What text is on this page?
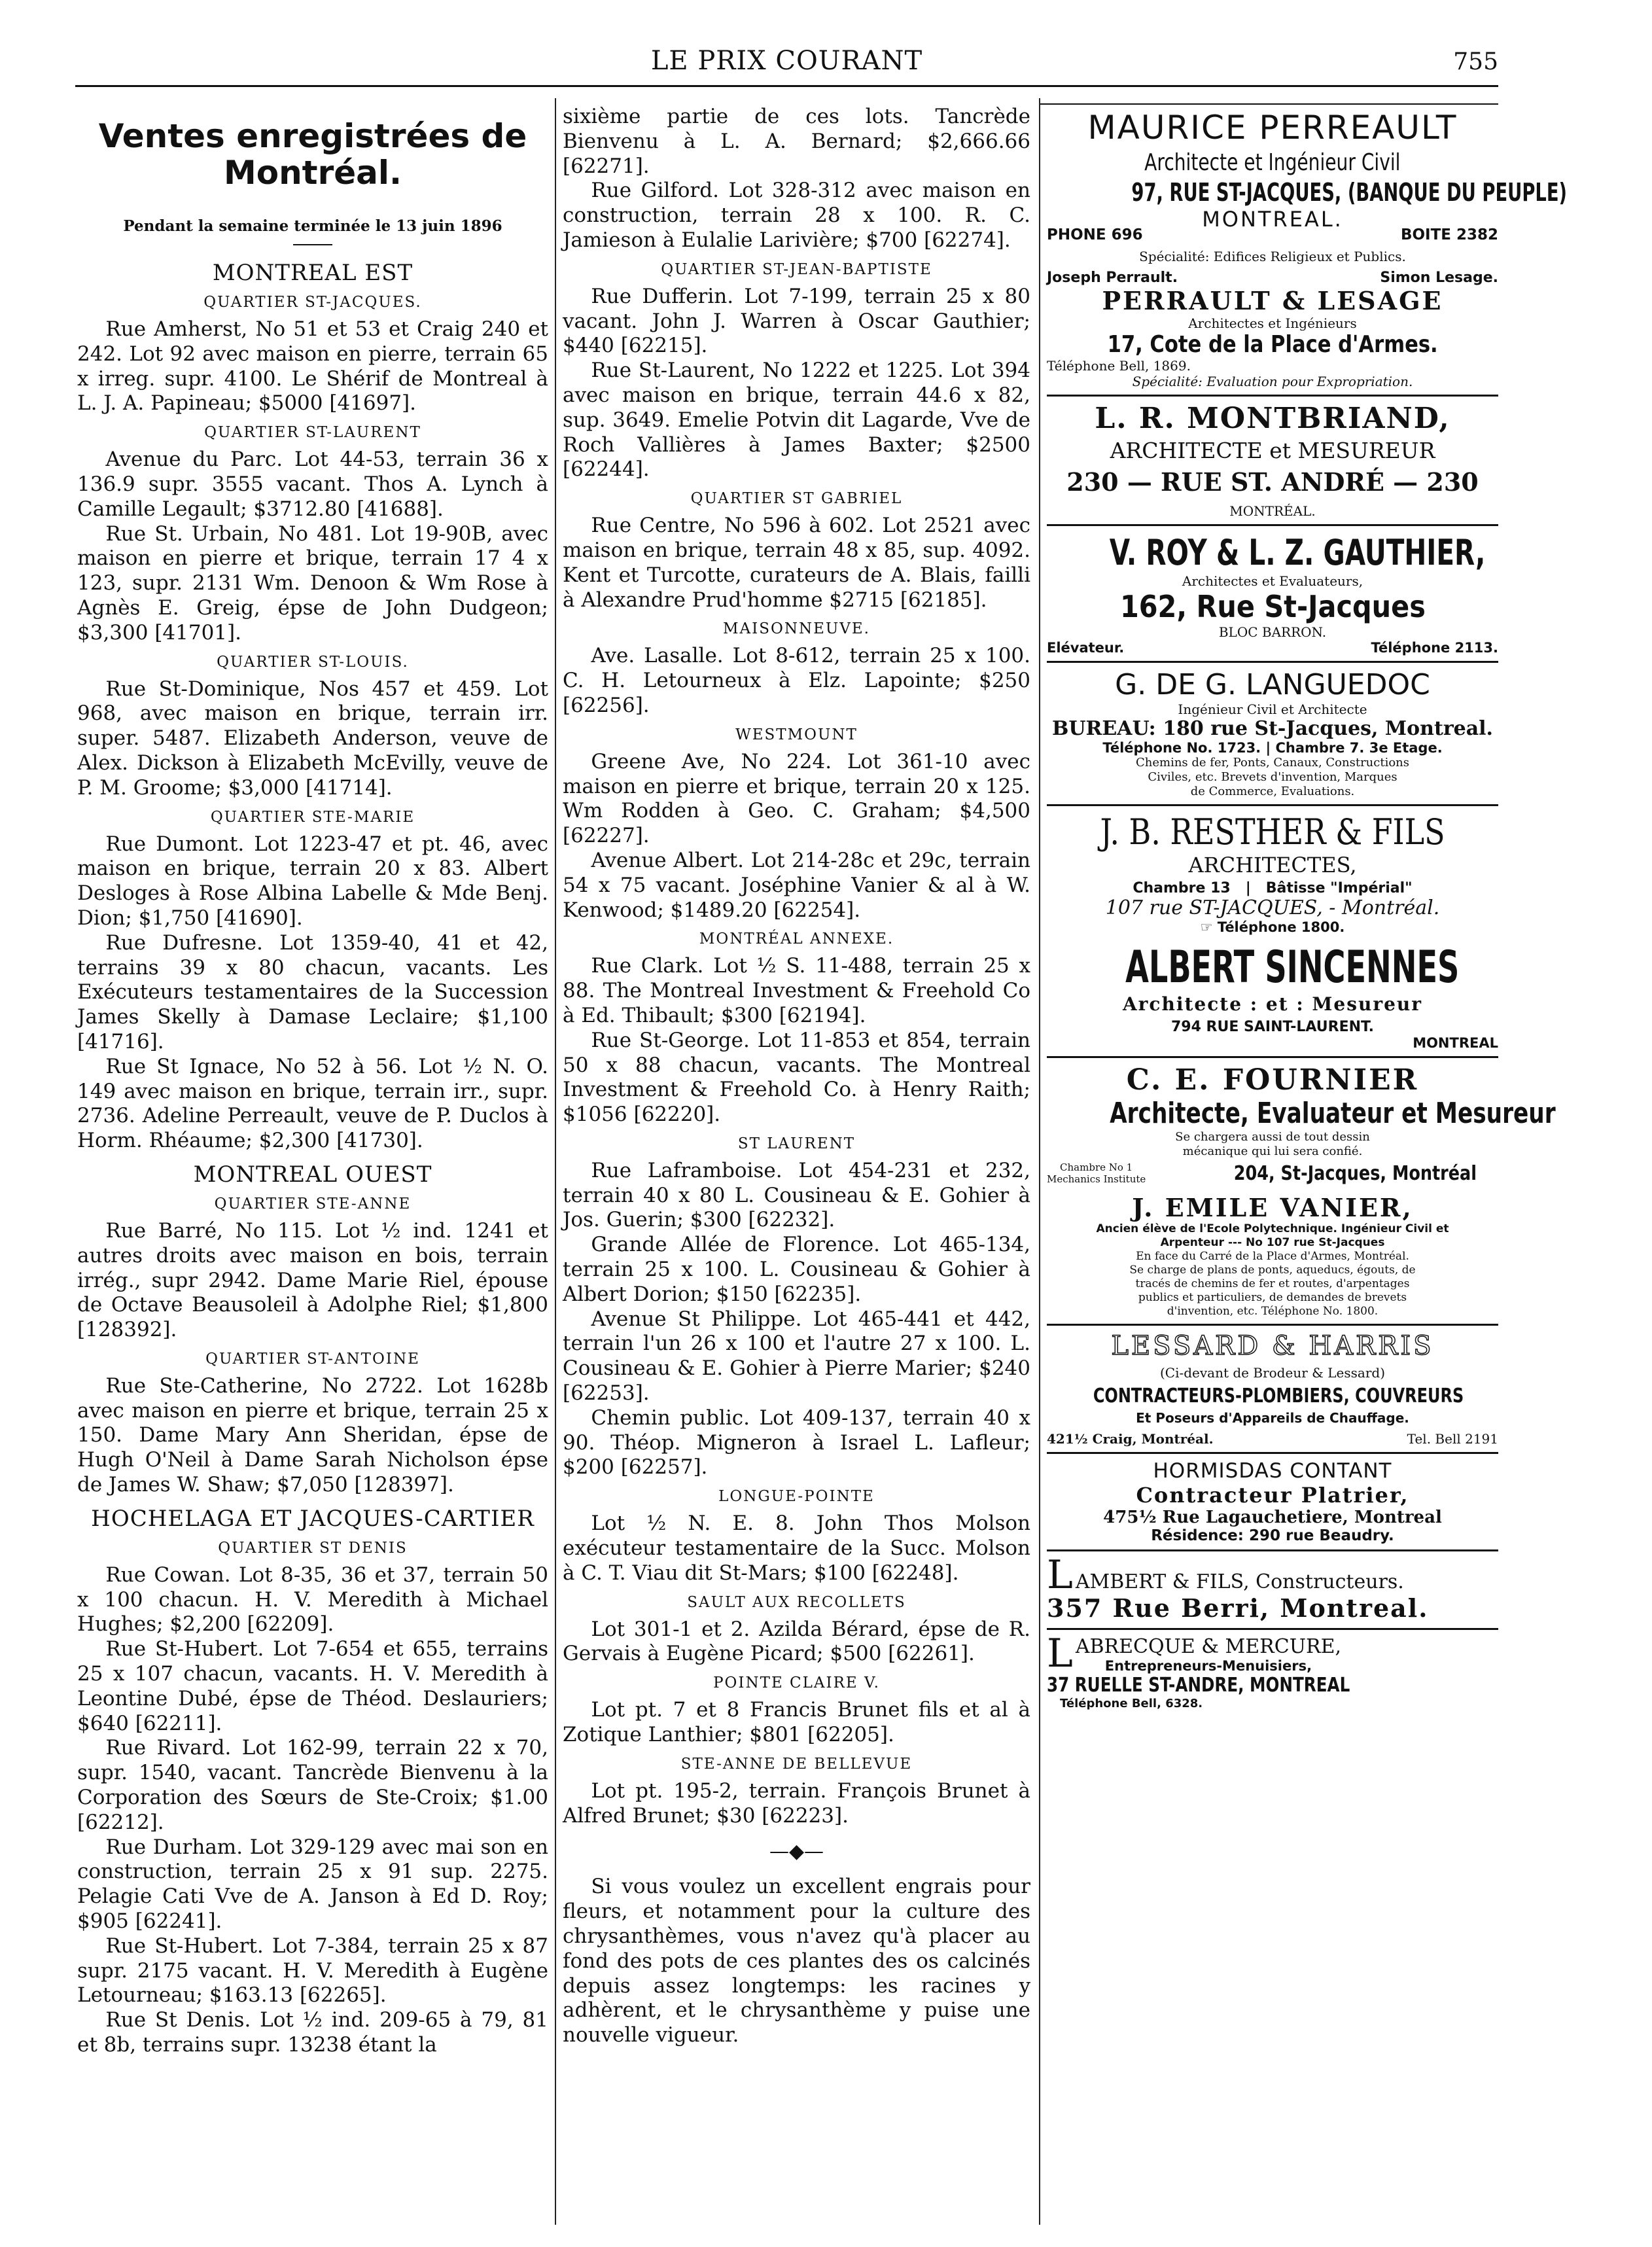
LE PRIX COURANT	755
Ventes enregistrées de Montréal.
Pendant la semaine terminée le 13 juin 1896
MONTREAL EST
QUARTIER ST-JACQUES.
Rue Amherst, No 51 et 53 et Craig 240 et 242. Lot 92 avec maison en pierre, terrain 65 x irreg. supr. 4100. Le Shérif de Montreal à L. J. A. Papineau; $5000 [41697].
QUARTIER ST-LAURENT
Avenue du Parc. Lot 44-53, terrain 36 x 136.9 supr. 3555 vacant. Thos A. Lynch à Camille Legault; $3712.80 [41688].
Rue St. Urbain, No 481. Lot 19-90B, avec maison en pierre et brique, terrain 17 4 x 123, supr. 2131 Wm. Denoon & Wm Rose à Agnès E. Greig, épse de John Dudgeon; $3,300 [41701].
QUARTIER ST-LOUIS.
Rue St-Dominique, Nos 457 et 459. Lot 968, avec maison en brique, terrain irr. super. 5487. Elizabeth Anderson, veuve de Alex. Dickson à Elizabeth McEvilly, veuve de P. M. Groome; $3,000 [41714].
QUARTIER STE-MARIE
Rue Dumont. Lot 1223-47 et pt. 46, avec maison en brique, terrain 20 x 83. Albert Desloges à Rose Albina Labelle & Mde Benj. Dion; $1,750 [41690].
Rue Dufresne. Lot 1359-40, 41 et 42, terrains 39 x 80 chacun, vacants. Les Exécuteurs testamentaires de la Succession James Skelly à Damase Leclaire; $1,100 [41716].
Rue St Ignace, No 52 à 56. Lot ½ N. O. 149 avec maison en brique, terrain irr., supr. 2736. Adeline Perreault, veuve de P. Duclos à Horm. Rhéaume; $2,300 [41730].
MONTREAL OUEST
QUARTIER STE-ANNE
Rue Barré, No 115. Lot ½ ind. 1241 et autres droits avec maison en bois, terrain irrég., supr 2942. Dame Marie Riel, épouse de Octave Beausoleil à Adolphe Riel; $1,800 [128392].
QUARTIER ST-ANTOINE
Rue Ste-Catherine, No 2722. Lot 1628b avec maison en pierre et brique, terrain 25 x 150. Dame Mary Ann Sheridan, épse de Hugh O'Neil à Dame Sarah Nicholson épse de James W. Shaw; $7,050 [128397].
HOCHELAGA ET JACQUES-CARTIER
QUARTIER ST DENIS
Rue Cowan. Lot 8-35, 36 et 37, terrain 50 x 100 chacun. H. V. Meredith à Michael Hughes; $2,200 [62209].
Rue St-Hubert. Lot 7-654 et 655, terrains 25 x 107 chacun, vacants. H. V. Meredith à Leontine Dubé, épse de Théod. Deslauriers; $640 [62211].
Rue Rivard. Lot 162-99, terrain 22 x 70, supr. 1540, vacant. Tancrède Bienvenu à la Corporation des Sœurs de Ste-Croix; $1.00 [62212].
Rue Durham. Lot 329-129 avec mai son en construction, terrain 25 x 91 sup. 2275. Pelagie Cati Vve de A. Janson à Ed D. Roy; $905 [62241].
Rue St-Hubert. Lot 7-384, terrain 25 x 87 supr. 2175 vacant. H. V. Meredith à Eugène Letourneau; $163.13 [62265].
Rue St Denis. Lot ½ ind. 209-65 à 79, 81 et 8b, terrains supr. 13238 étant la
sixième partie de ces lots. Tancrède Bienvenu à L. A. Bernard; $2,666.66 [62271].
Rue Gilford. Lot 328-312 avec maison en construction, terrain 28 x 100. R. C. Jamieson à Eulalie Larivière; $700 [62274].
QUARTIER ST-JEAN-BAPTISTE
Rue Dufferin. Lot 7-199, terrain 25 x 80 vacant. John J. Warren à Oscar Gauthier; $440 [62215].
Rue St-Laurent, No 1222 et 1225. Lot 394 avec maison en brique, terrain 44.6 x 82, sup. 3649. Emelie Potvin dit Lagarde, Vve de Roch Vallières à James Baxter; $2500 [62244].
QUARTIER ST GABRIEL
Rue Centre, No 596 à 602. Lot 2521 avec maison en brique, terrain 48 x 85, sup. 4092. Kent et Turcotte, curateurs de A. Blais, failli à Alexandre Prud'homme $2715 [62185].
MAISONNEUVE.
Ave. Lasalle. Lot 8-612, terrain 25 x 100. C. H. Letourneux à Elz. Lapointe; $250 [62256].
WESTMOUNT
Greene Ave, No 224. Lot 361-10 avec maison en pierre et brique, terrain 20 x 125. Wm Rodden à Geo. C. Graham; $4,500 [62227].
Avenue Albert. Lot 214-28c et 29c, terrain 54 x 75 vacant. Joséphine Vanier & al à W. Kenwood; $1489.20 [62254].
MONTRÉAL ANNEXE.
Rue Clark. Lot ½ S. 11-488, terrain 25 x 88. The Montreal Investment & Freehold Co à Ed. Thibault; $300 [62194].
Rue St-George. Lot 11-853 et 854, terrain 50 x 88 chacun, vacants. The Montreal Investment & Freehold Co. à Henry Raith; $1056 [62220].
ST LAURENT
Rue Laframboise. Lot 454-231 et 232, terrain 40 x 80 L. Cousineau & E. Gohier à Jos. Guerin; $300 [62232].
Grande Allée de Florence. Lot 465-134, terrain 25 x 100. L. Cousineau & Gohier à Albert Dorion; $150 [62235].
Avenue St Philippe. Lot 465-441 et 442, terrain l'un 26 x 100 et l'autre 27 x 100. L. Cousineau & E. Gohier à Pierre Marier; $240 [62253].
Chemin public. Lot 409-137, terrain 40 x 90. Théop. Migneron à Israel L. Lafleur; $200 [62257].
LONGUE-POINTE
Lot ½ N. E. 8. John Thos Molson exécuteur testamentaire de la Succ. Molson à C. T. Viau dit St-Mars; $100 [62248].
SAULT AUX RECOLLETS
Lot 301-1 et 2. Azilda Bérard, épse de R. Gervais à Eugène Picard; $500 [62261].
POINTE CLAIRE V.
Lot pt. 7 et 8 Francis Brunet fils et al à Zotique Lanthier; $801 [62205].
STE-ANNE DE BELLEVUE
Lot pt. 195-2, terrain. François Brunet à Alfred Brunet; $30 [62223].
—◆—
Si vous voulez un excellent engrais pour fleurs, et notamment pour la culture des chrysanthèmes, vous n'avez qu'à placer au fond des pots de ces plantes des os calcinés depuis assez longtemps: les racines y adhèrent, et le chrysanthème y puise une nouvelle vigueur.
MAURICE PERREAULT
Architecte et Ingénieur Civil
97, RUE ST-JACQUES, (BANQUE DU PEUPLE)
MONTREAL.
PHONE 696	BOITE 2382
Spécialité: Edifices Religieux et Publics.
Joseph Perrault.	Simon Lesage.
PERRAULT & LESAGE
Architectes et Ingénieurs
17, Cote de la Place d'Armes.
Téléphone Bell, 1869.
Spécialité: Evaluation pour Expropriation.
L. R. MONTBRIAND,
ARCHITECTE et MESUREUR
230 — RUE ST. ANDRÉ — 230
MONTRÉAL.
V. ROY & L. Z. GAUTHIER,
Architectes et Evaluateurs,
162, Rue St-Jacques
BLOC BARRON.
Elévateur.	Téléphone 2113.
G. DE G. LANGUEDOC
Ingénieur Civil et Architecte
BUREAU: 180 rue St-Jacques, Montreal.
Téléphone No. 1723. | Chambre 7. 3e Etage.
Chemins de fer, Ponts, Canaux, Constructions
Civiles, etc. Brevets d'invention, Marques
de Commerce, Evaluations.
J. B. RESTHER & FILS
ARCHITECTES,
Chambre 13   |   Bâtisse "Impérial"
107 rue ST-JACQUES, - Montréal.
☞ Téléphone 1800.
ALBERT SINCENNES
Architecte : et : Mesureur
794 RUE SAINT-LAURENT.
MONTREAL
C. E. FOURNIER
Architecte, Evaluateur et Mesureur
Se chargera aussi de tout dessin
mécanique qui lui sera confié.
Chambre No 1
Mechanics Institute	204, St-Jacques, Montréal
J. EMILE VANIER,
Ancien élève de l'Ecole Polytechnique. Ingénieur Civil et
Arpenteur --- No 107 rue St-Jacques
En face du Carré de la Place d'Armes, Montréal.
Se charge de plans de ponts, aqueducs, égouts, de
tracés de chemins de fer et routes, d'arpentages
publics et particuliers, de demandes de brevets
d'invention, etc. Téléphone No. 1800.
LESSARD & HARRIS
(Ci-devant de Brodeur & Lessard)
CONTRACTEURS-PLOMBIERS, COUVREURS
Et Poseurs d'Appareils de Chauffage.
421½ Craig, Montréal.	Tel. Bell 2191
HORMISDAS CONTANT
Contracteur Platrier,
475½ Rue Lagauchetiere, Montreal
Résidence: 290 rue Beaudry.
L AMBERT & FILS, Constructeurs.
357 Rue Berri, Montreal.
L ABRECQUE & MERCURE,
Entrepreneurs-Menuisiers,
37 RUELLE ST-ANDRE, MONTREAL
Téléphone Bell, 6328.
